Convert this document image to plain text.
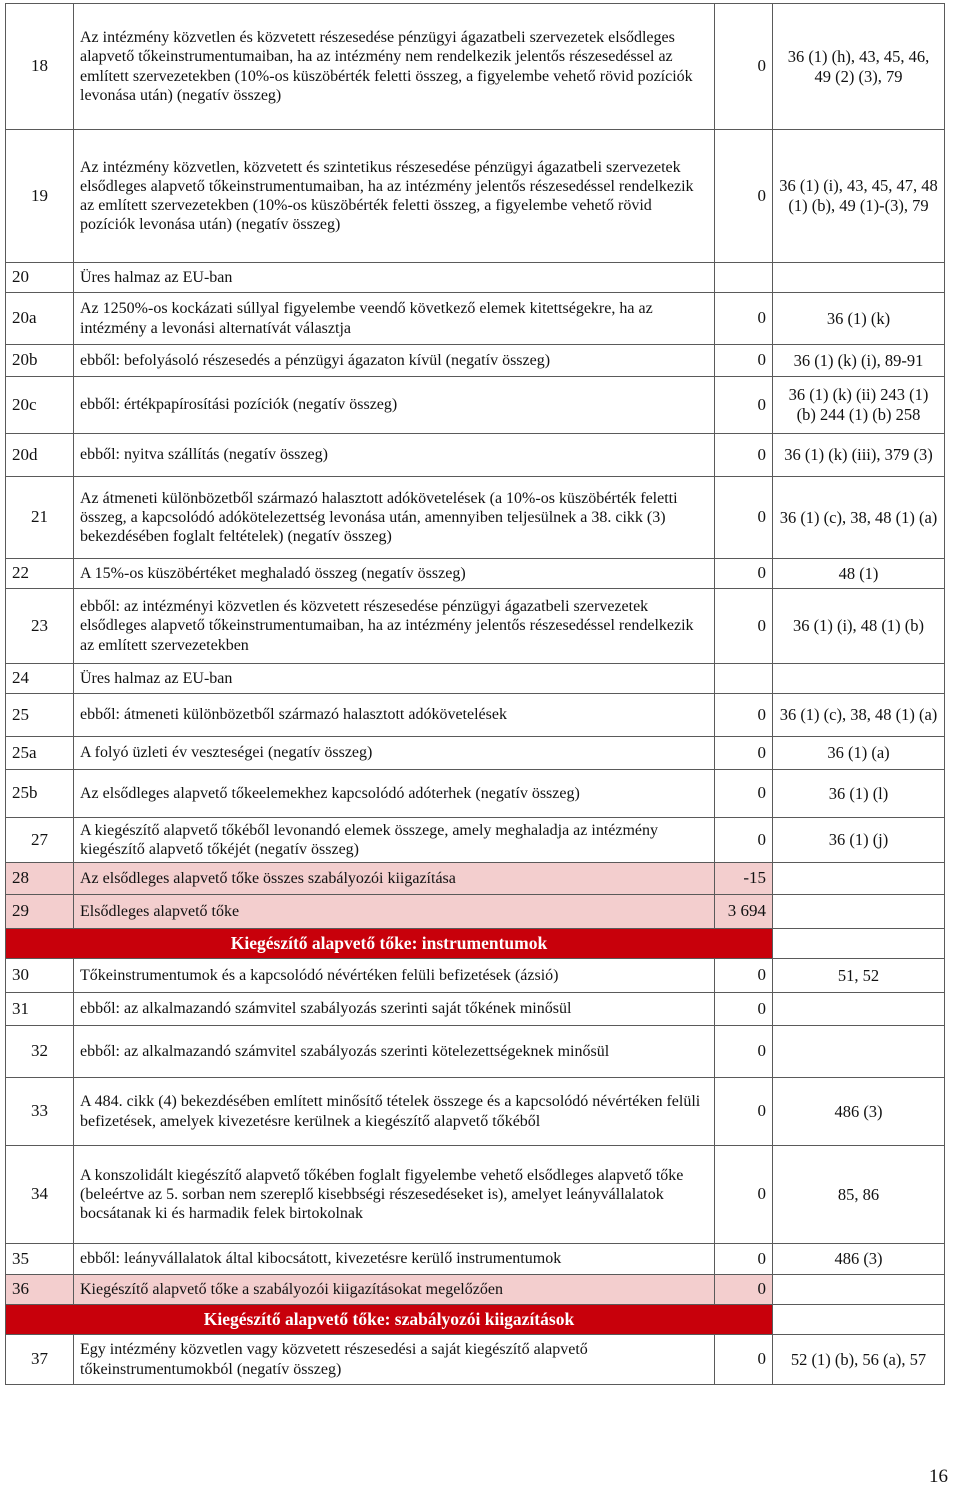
18	Az intézmény közvetlen és közvetett részesedése pénzügyi ágazatbeli szervezetek elsődleges alapvető tőkeinstrumentumaiban, ha az intézmény nem rendelkezik jelentős részesedéssel az említett szervezetekben (10%-os küszöbérték feletti összeg, a figyelembe vehető rövid pozíciók levonása után) (negatív összeg)	0	36 (1) (h), 43, 45, 46, 49 (2) (3), 79
19	Az intézmény közvetlen, közvetett és szintetikus részesedése pénzügyi ágazatbeli szervezetek elsődleges alapvető tőkeinstrumentumaiban, ha az intézmény jelentős részesedéssel rendelkezik az említett szervezetekben (10%-os küszöbérték feletti összeg, a figyelembe vehető rövid pozíciók levonása után) (negatív összeg)	0	36 (1) (i), 43, 45, 47, 48 (1) (b), 49 (1)-(3), 79
20	Üres halmaz az EU-ban		
20a	Az 1250%-os kockázati súllyal figyelembe veendő következő elemek kitettségekre, ha az intézmény a levonási alternatívát választja	0	36 (1) (k)
20b	ebből: befolyásoló részesedés a pénzügyi ágazaton kívül (negatív összeg)	0	36 (1) (k) (i), 89-91
20c	ebből: értékpapírosítási pozíciók (negatív összeg)	0	36 (1) (k) (ii) 243 (1) (b) 244 (1) (b) 258
20d	ebből: nyitva szállítás (negatív összeg)	0	36 (1) (k) (iii), 379 (3)
21	Az átmeneti különbözetből származó halasztott adókövetelések (a 10%-os küszöbérték feletti összeg, a kapcsolódó adókötelezettség levonása után, amennyiben teljesülnek a 38. cikk (3) bekezdésében foglalt feltételek) (negatív összeg)	0	36 (1) (c), 38, 48 (1) (a)
22	A 15%-os küszöbértéket meghaladó összeg (negatív összeg)	0	48 (1)
23	ebből: az intézményi közvetlen és közvetett részesedése pénzügyi ágazatbeli szervezetek elsődleges alapvető tőkeinstrumentumaiban, ha az intézmény jelentős részesedéssel rendelkezik az említett szervezetekben	0	36 (1) (i), 48 (1) (b)
24	Üres halmaz az EU-ban		
25	ebből: átmeneti különbözetből származó halasztott adókövetelések	0	36 (1) (c), 38, 48 (1) (a)
25a	A folyó üzleti év veszteségei (negatív összeg)	0	36 (1) (a)
25b	Az elsődleges alapvető tőkeelemekhez kapcsolódó adóterhek (negatív összeg)	0	36 (1) (l)
27	A kiegészítő alapvető tőkéből levonandó elemek összege, amely meghaladja az intézmény kiegészítő alapvető tőkéjét (negatív összeg)	0	36 (1) (j)
28	Az elsődleges alapvető tőke összes szabályozói kiigazítása	-15	
29	Elsődleges alapvető tőke	3 694	
Kiegészítő alapvető tőke: instrumentumok			
30	Tőkeinstrumentumok és a kapcsolódó névértéken felüli befizetések (ázsió)	0	51, 52
31	ebből: az alkalmazandó számvitel szabályozás szerinti saját tőkének minősül	0	
32	ebből: az alkalmazandó számvitel szabályozás szerinti kötelezettségeknek minősül	0	
33	A 484. cikk (4) bekezdésében említett minősítő tételek összege és a kapcsolódó névértéken felüli befizetések, amelyek kivezetésre kerülnek a kiegészítő alapvető tőkéből	0	486 (3)
34	A konszolidált kiegészítő alapvető tőkében foglalt figyelembe vehető elsődleges alapvető tőke (beleértve az 5. sorban nem szereplő kisebbségi részesedéseket is), amelyet leányvállalatok bocsátanak ki és harmadik felek birtokolnak	0	85, 86
35	ebből: leányvállalatok által kibocsátott, kivezetésre kerülő instrumentumok	0	486 (3)
36	Kiegészítő alapvető tőke a szabályozói kiigazításokat megelőzően	0	
Kiegészítő alapvető tőke: szabályozói kiigazítások			
37	Egy intézmény közvetlen vagy közvetett részesedési a saját kiegészítő alapvető tőkeinstrumentumokból (negatív összeg)	0	52 (1) (b), 56 (a), 57
16
